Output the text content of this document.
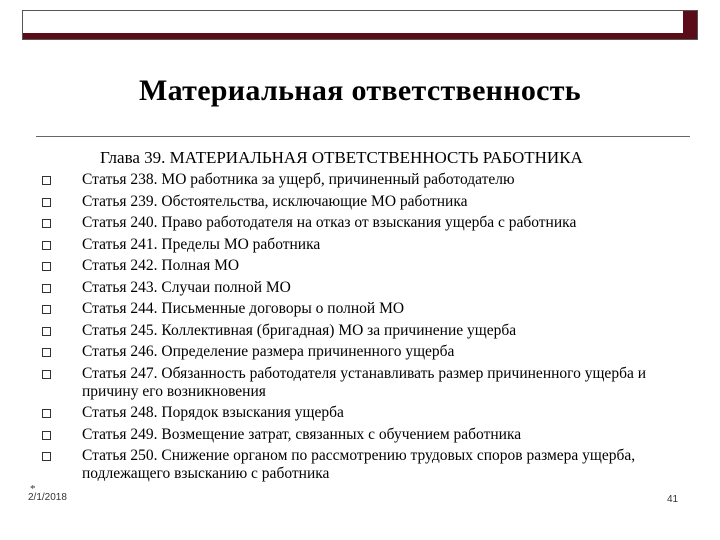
Материальная ответственность
Глава 39. МАТЕРИАЛЬНАЯ ОТВЕТСТВЕННОСТЬ РАБОТНИКА
Статья 238. МО работника за ущерб, причиненный работодателю
Статья 239. Обстоятельства, исключающие МО работника
Статья 240. Право работодателя на отказ от взыскания ущерба с работника
Статья 241. Пределы МО работника
Статья 242. Полная МО
Статья 243. Случаи полной МО
Статья 244. Письменные договоры о полной МО
Статья 245. Коллективная (бригадная) МО за причинение ущерба
Статья 246. Определение размера причиненного ущерба
Статья 247. Обязанность работодателя устанавливать размер причиненного ущерба и причину его возникновения
Статья 248. Порядок взыскания ущерба
Статья 249. Возмещение затрат, связанных с обучением работника
Статья 250. Снижение органом по рассмотрению трудовых споров размера ущерба, подлежащего взысканию с работника
*
2/1/2018	41
